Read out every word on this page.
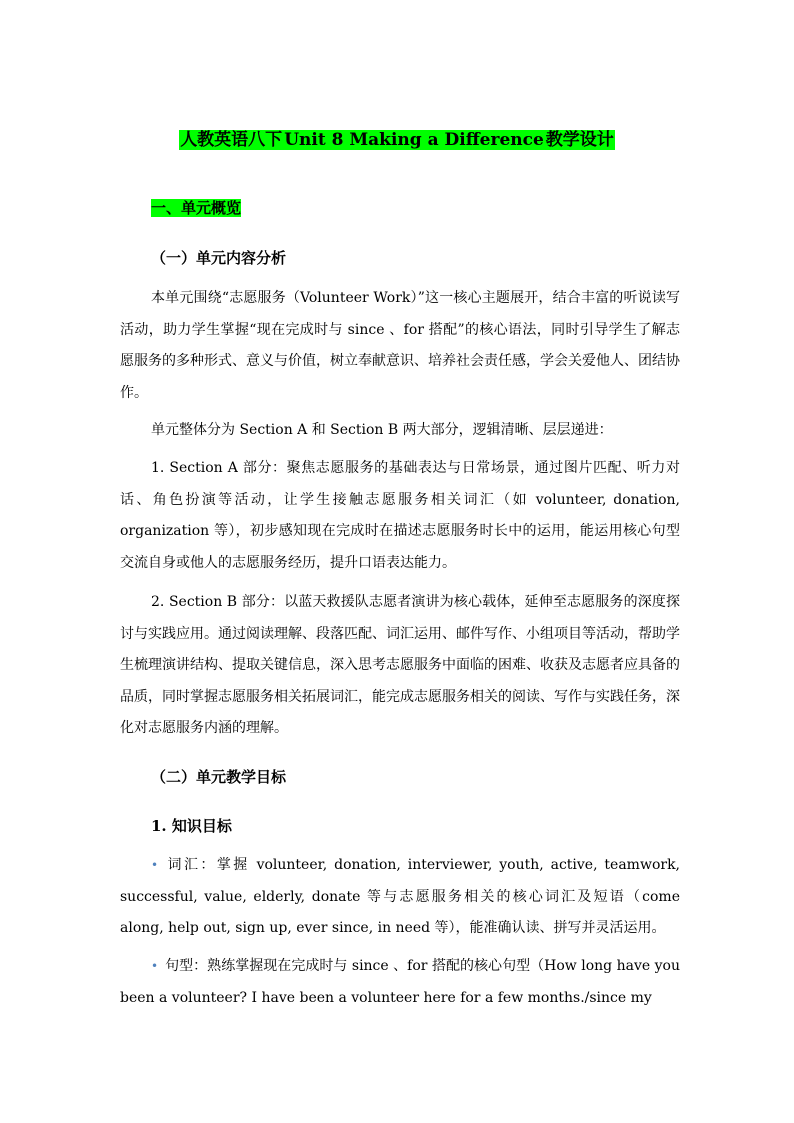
人教英语八下 Unit 8 Making a Difference 教学设计
一、单元概览
（一）单元内容分析
本单元围绕“志愿服务（Volunteer Work）”这一核心主题展开，结合丰富的听说读写活动，助力学生掌握“现在完成时与 since 、for 搭配”的核心语法，同时引导学生了解志愿服务的多种形式、意义与价值，树立奉献意识、培养社会责任感，学会关爱他人、团结协作。
单元整体分为 Section A 和 Section B 两大部分，逻辑清晰、层层递进：
1. Section A 部分：聚焦志愿服务的基础表达与日常场景，通过图片匹配、听力对话、角色扮演等活动，让学生接触志愿服务相关词汇（如 volunteer, donation, organization 等），初步感知现在完成时在描述志愿服务时长中的运用，能运用核心句型交流自身或他人的志愿服务经历，提升口语表达能力。
2. Section B 部分：以蓝天救援队志愿者演讲为核心载体，延伸至志愿服务的深度探讨与实践应用。通过阅读理解、段落匹配、词汇运用、邮件写作、小组项目等活动，帮助学生梳理演讲结构、提取关键信息，深入思考志愿服务中面临的困难、收获及志愿者应具备的品质，同时掌握志愿服务相关拓展词汇，能完成志愿服务相关的阅读、写作与实践任务，深化对志愿服务内涵的理解。
（二）单元教学目标
1. 知识目标
• 词汇：掌握 volunteer, donation, interviewer, youth, active, teamwork, successful, value, elderly, donate 等与志愿服务相关的核心词汇及短语（come along, help out, sign up, ever since, in need 等），能准确认读、拼写并灵活运用。
• 句型：熟练掌握现在完成时与 since 、for 搭配的核心句型（How long have you been a volunteer? I have been a volunteer here for a few months./since my
